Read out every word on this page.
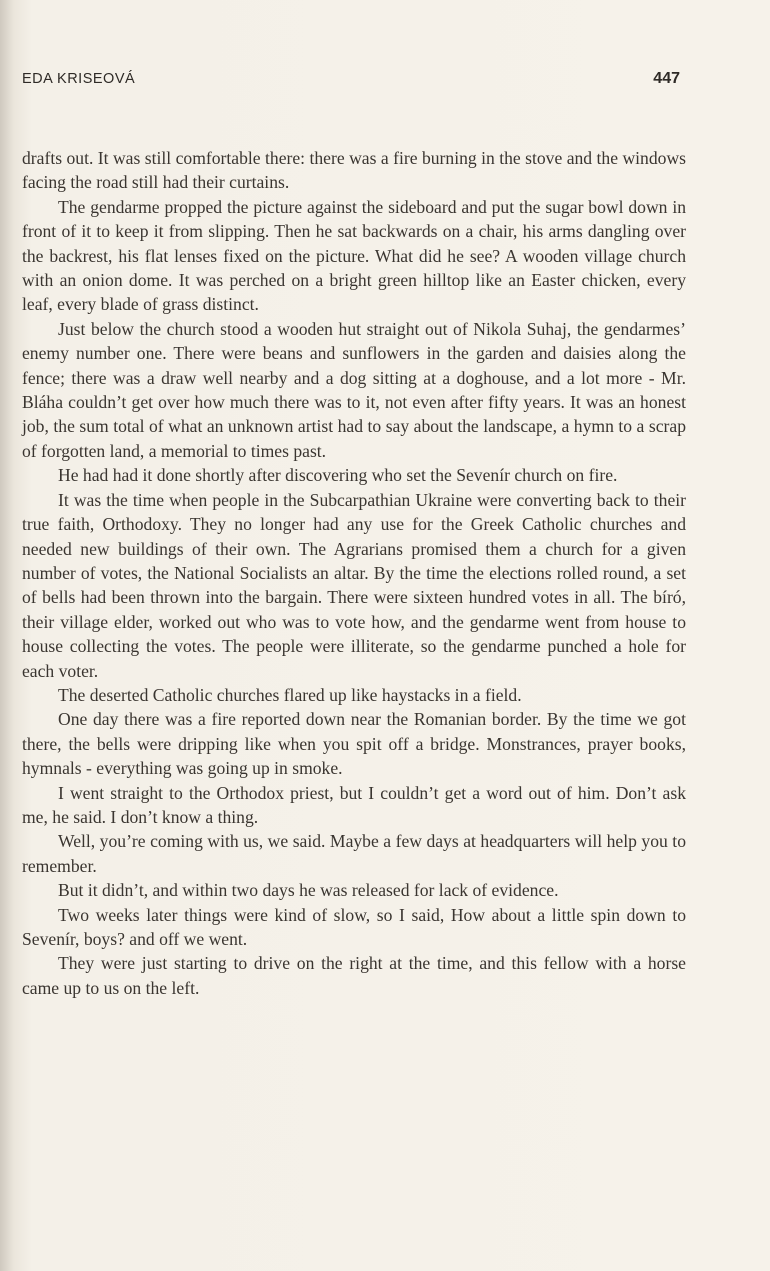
EDA KRISEOVÁ	447

drafts out. It was still comfortable there: there was a fire burning in the stove and the windows facing the road still had their curtains.

The gendarme propped the picture against the sideboard and put the sugar bowl down in front of it to keep it from slipping. Then he sat backwards on a chair, his arms dangling over the backrest, his flat lenses fixed on the picture. What did he see? A wooden village church with an onion dome. It was perched on a bright green hilltop like an Easter chicken, every leaf, every blade of grass distinct.

Just below the church stood a wooden hut straight out of Nikola Suhaj, the gendarmes’ enemy number one. There were beans and sunflowers in the garden and daisies along the fence; there was a draw well nearby and a dog sitting at a doghouse, and a lot more - Mr. Bláha couldn’t get over how much there was to it, not even after fifty years. It was an honest job, the sum total of what an unknown artist had to say about the landscape, a hymn to a scrap of forgotten land, a memorial to times past.

He had had it done shortly after discovering who set the Sevenír church on fire.

It was the time when people in the Subcarpathian Ukraine were converting back to their true faith, Orthodoxy. They no longer had any use for the Greek Catholic churches and needed new buildings of their own. The Agrarians promised them a church for a given number of votes, the National Socialists an altar. By the time the elections rolled round, a set of bells had been thrown into the bargain. There were sixteen hundred votes in all. The bíró, their village elder, worked out who was to vote how, and the gendarme went from house to house collecting the votes. The people were illiterate, so the gendarme punched a hole for each voter.

The deserted Catholic churches flared up like haystacks in a field.

One day there was a fire reported down near the Romanian border. By the time we got there, the bells were dripping like when you spit off a bridge. Monstrances, prayer books, hymnals - everything was going up in smoke.

I went straight to the Orthodox priest, but I couldn’t get a word out of him. Don’t ask me, he said. I don’t know a thing.

Well, you’re coming with us, we said. Maybe a few days at headquarters will help you to remember.

But it didn’t, and within two days he was released for lack of evidence.

Two weeks later things were kind of slow, so I said, How about a little spin down to Sevenír, boys? and off we went.

They were just starting to drive on the right at the time, and this fellow with a horse came up to us on the left.
